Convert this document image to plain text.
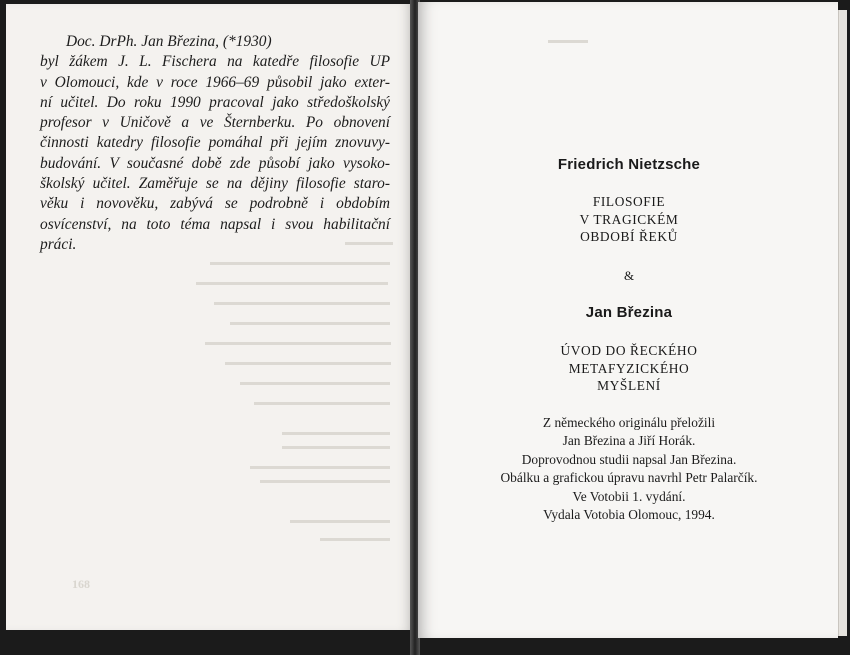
168
Doc. DrPh. Jan Březina, (*1930)
byl žákem J. L. Fischera na katedře filosofie UP
v Olomouci, kde v roce 1966–69 působil jako exter-
ní učitel. Do roku 1990 pracoval jako středoškolský
profesor v Uničově a ve Šternberku. Po obnovení
činnosti katedry filosofie pomáhal při jejím znovuvy-
budování. V současné době zde působí jako vysoko-
školský učitel. Zaměřuje se na dějiny filosofie staro-
věku i novověku, zabývá se podrobně i obdobím
osvícenství, na toto téma napsal i svou habilitační
práci.
Friedrich Nietzsche
FILOSOFIE
V TRAGICKÉM
OBDOBÍ ŘEKŮ
&
Jan Březina
ÚVOD DO ŘECKÉHO
METAFYZICKÉHO
MYŠLENÍ
Z německého originálu přeložili
Jan Březina a Jiří Horák.
Doprovodnou studii napsal Jan Březina.
Obálku a grafickou úpravu navrhl Petr Palarčík.
Ve Votobii 1. vydání.
Vydala Votobia Olomouc, 1994.
